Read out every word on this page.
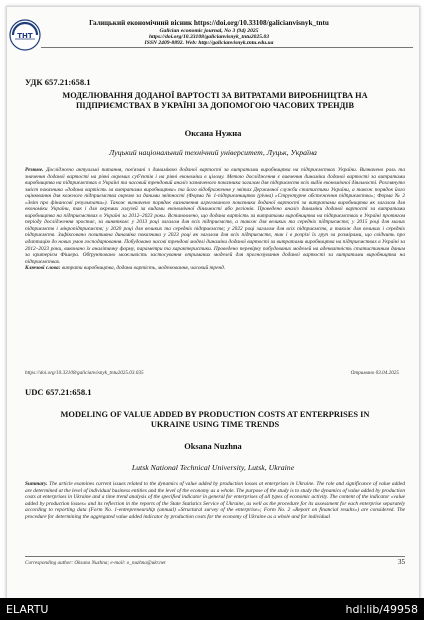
ТНТ
Галицький економічний вісник https://doi.org/10.33108/galicianvisnyk_tntu
Galician economic journal, No 3 (94) 2025
https://doi.org/10.33108/galicianvisnyk_tntu2025.03
ISSN 2409-8892. Web: http://galicianvisnyk.tntu.edu.ua
УДК 657.21:658.1
МОДЕЛЮВАННЯ ДОДАНОЇ ВАРТОСТІ ЗА ВИТРАТАМИ ВИРОБНИЦТВА НА ПІДПРИЄМСТВАХ В УКРАЇНІ ЗА ДОПОМОГОЮ ЧАСОВИХ ТРЕНДІВ
Оксана Нужна
Луцький національний технічний університет, Луцьк, Україна
Резюме. Досліджено актуальні питання, пов'язані з динамікою доданої вартості за витратами виробництва на підприємствах України. Визначено роль та значення доданої вартості на рівні окремих суб'єктів і на рівні економіки в цілому. Метою дослідження є вивчення динаміки доданої вартості за витратами виробництва на підприємствах в Україні та часовий трендовий аналіз зазначеного показника загалом для підприємств всіх видів економічної діяльності. Розглянуто зміст показника «додана вартість за витратами виробництва» та його відображення у звітах Державної служби статистики України, а також порядок його оцінювання для кожного підприємства окремо за даними звітності (Форма № 1-підприємництво (річна) «Структурне обстеження підприємства»; Форма № 2 «Звіт про фінансові результати»). Також визначено порядок визначення агрегованого показника доданої вартості за витратами виробництва як загалом для економіки України, так і для окремих галузей за видами економічної діяльності або регіонів. Проведено аналіз динаміки доданої вартості за витратами виробництва на підприємствах в Україні за 2012–2023 роки. Встановлено, що додана вартість за витратами виробництва на підприємствах в Україні протягом періоду дослідження зростає, за винятком: у 2013 році загалом для всіх підприємств, а також для великих та середніх підприємств; у 2015 році для малих підприємств і мікропідприємств; у 2020 році для великих та середніх підприємств; у 2022 році загалом для всіх підприємств, а також для великих і середніх підприємств. Зафіксовано позитивна динаміка показника у 2023 році як загалом для всіх підприємств, так і в розрізі їх груп за розмірами, що свідчить про адаптацію до нових умов господарювання. Побудовано часові трендові моделі динаміки доданої вартості за витратами виробництва на підприємствах в Україні за 2012–2023 роки, виконано їх аналітичну форму, параметри та характеристики. Проведено перевірку побудованих моделей на адекватність статистичним даним за критерієм Фішера. Обґрунтовано можливість застосування отриманих моделей для прогнозування доданої вартості за витратами виробництва на підприємствах.
Ключові слова: витрати виробництва, додана вартість, моделювання, часовий тренд.
https://doi.org/10.33108/galicianvisnyk_tntu2025.03.035	Отримано 03.04.2025
UDC 657.21:658.1
MODELING OF VALUE ADDED BY PRODUCTION COSTS AT ENTERPRISES IN UKRAINE USING TIME TRENDS
Oksana Nuzhna
Lutsk National Technical University, Lutsk, Ukraine
Summary. The article examines current issues related to the dynamics of value added by production losses at enterprises in Ukraine. The role and significance of value added are determined at the level of individual business entities and the level of the economy as a whole. The purpose of the study is to study the dynamics of value added by production costs at enterprises in Ukraine and a time trend analysis of the specified indicator in general for enterprises of all types of economic activity. The content of the indicator «value added by production losses» and its reflection in the reports of the State Statistics Service of Ukraine, as well as the procedure for its assessment for each enterprise separately according to reporting data (Form No. 1-entrepreneurship (annual) «Structural survey of the enterprise»; Form No. 2 «Report on financial results») are considered. The procedure for determining the aggregated value added indicator by production costs for the economy of Ukraine as a whole and for individual
Corresponding author: Oksana Nuzhna; e-mail: o_nuzhna@ukr.net	35
ELARTU	hdl:lib/49958
